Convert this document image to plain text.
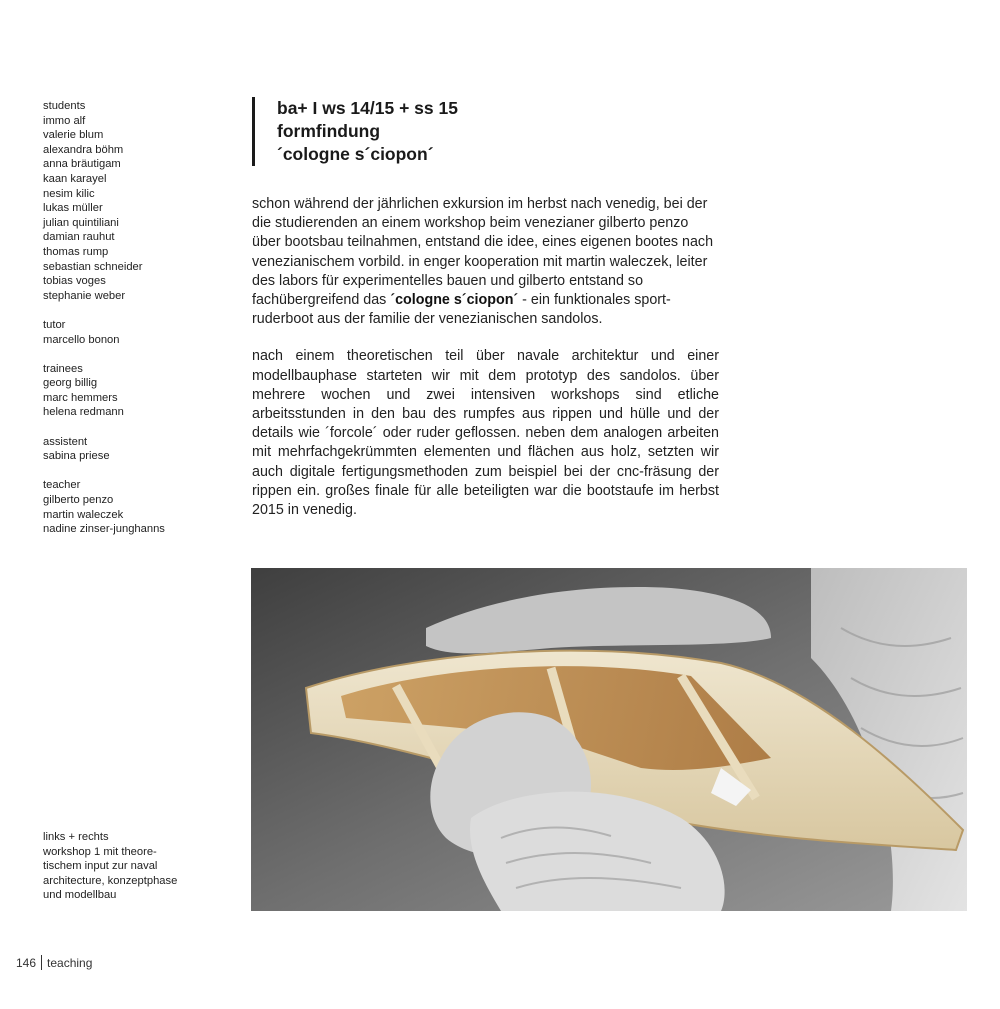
students
immo alf
valerie blum
alexandra böhm
anna bräutigam
kaan karayel
nesim kilic
lukas müller
julian quintiliani
damian rauhut
thomas rump
sebastian schneider
tobias voges
stephanie weber
tutor
marcello bonon
trainees
georg billig
marc hemmers
helena redmann
assistent
sabina priese
teacher
gilberto penzo
martin waleczek
nadine zinser-junghanns
ba+ I ws 14/15 + ss 15
formfindung
´cologne s´ciopon´

schon während der jährlichen exkursion im herbst nach venedig, bei der die studierenden an einem workshop beim venezianer gilberto penzo über bootsbau teilnahmen, entstand die idee, eines eigenen bootes nach venezianischem vorbild. in enger kooperation mit martin waleczek, leiter des labors für experimentelles bauen und gilberto entstand so fachübergreifend das ´cologne s´ciopon´ - ein funktionales sport-ruderboot aus der familie der venezianischen sandolos.

nach einem theoretischen teil über navale architektur und einer modellbauphase starteten wir mit dem prototyp des sandolos. über mehrere wochen und zwei intensiven workshops sind etliche arbeitsstunden in den bau des rumpfes aus rippen und hülle und der details wie ´forcole´ oder ruder geflossen. neben dem analogen arbeiten mit mehrfachgekrümmten elementen und flächen aus holz, setzten wir auch digitale fertigungsmethoden zum beispiel bei der cnc-fräsung der rippen ein. großes finale für alle beteiligten war die bootstaufe im herbst 2015 in venedig.

links + rechts
workshop 1 mit theore-
tischem input zur naval
architecture, konzeptphase
und modellbau
146 teaching
